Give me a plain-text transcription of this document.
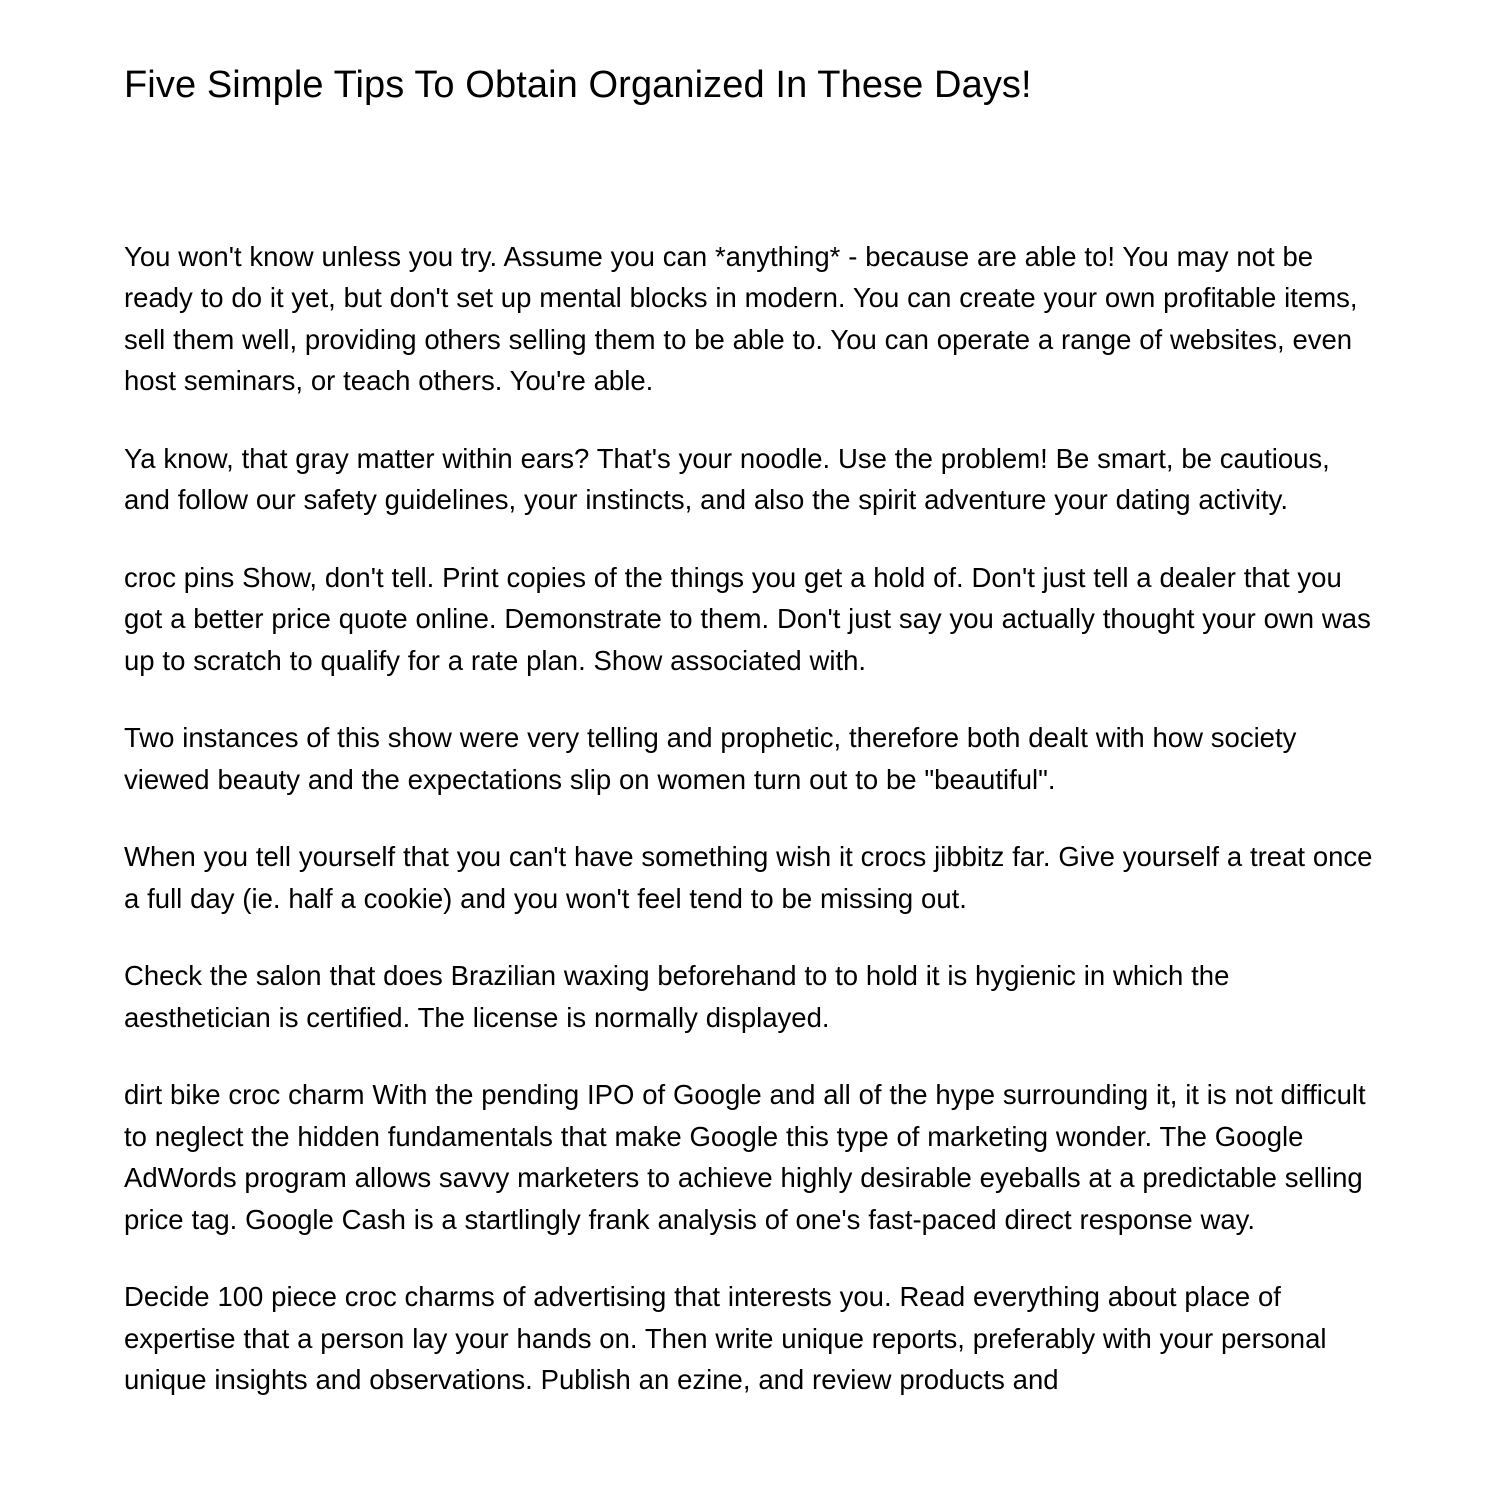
Five Simple Tips To Obtain Organized In These Days!

You won't know unless you try. Assume you can *anything* - because are able to! You may not be ready to do it yet, but don't set up mental blocks in modern. You can create your own profitable items, sell them well, providing others selling them to be able to. You can operate a range of websites, even host seminars, or teach others. You're able.

Ya know, that gray matter within ears? That's your noodle. Use the problem! Be smart, be cautious, and follow our safety guidelines, your instincts, and also the spirit adventure your dating activity.

croc pins Show, don't tell. Print copies of the things you get a hold of. Don't just tell a dealer that you got a better price quote online. Demonstrate to them. Don't just say you actually thought your own was up to scratch to qualify for a rate plan. Show associated with.

Two instances of this show were very telling and prophetic, therefore both dealt with how society viewed beauty and the expectations slip on women turn out to be "beautiful".

When you tell yourself that you can't have something wish it crocs jibbitz far. Give yourself a treat once a full day (ie. half a cookie) and you won't feel tend to be missing out.

Check the salon that does Brazilian waxing beforehand to to hold it is hygienic in which the aesthetician is certified. The license is normally displayed.

dirt bike croc charm With the pending IPO of Google and all of the hype surrounding it, it is not difficult to neglect the hidden fundamentals that make Google this type of marketing wonder. The Google AdWords program allows savvy marketers to achieve highly desirable eyeballs at a predictable selling price tag. Google Cash is a startlingly frank analysis of one's fast-paced direct response way.

Decide 100 piece croc charms of advertising that interests you. Read everything about place of expertise that a person lay your hands on. Then write unique reports, preferably with your personal unique insights and observations. Publish an ezine, and review products and
